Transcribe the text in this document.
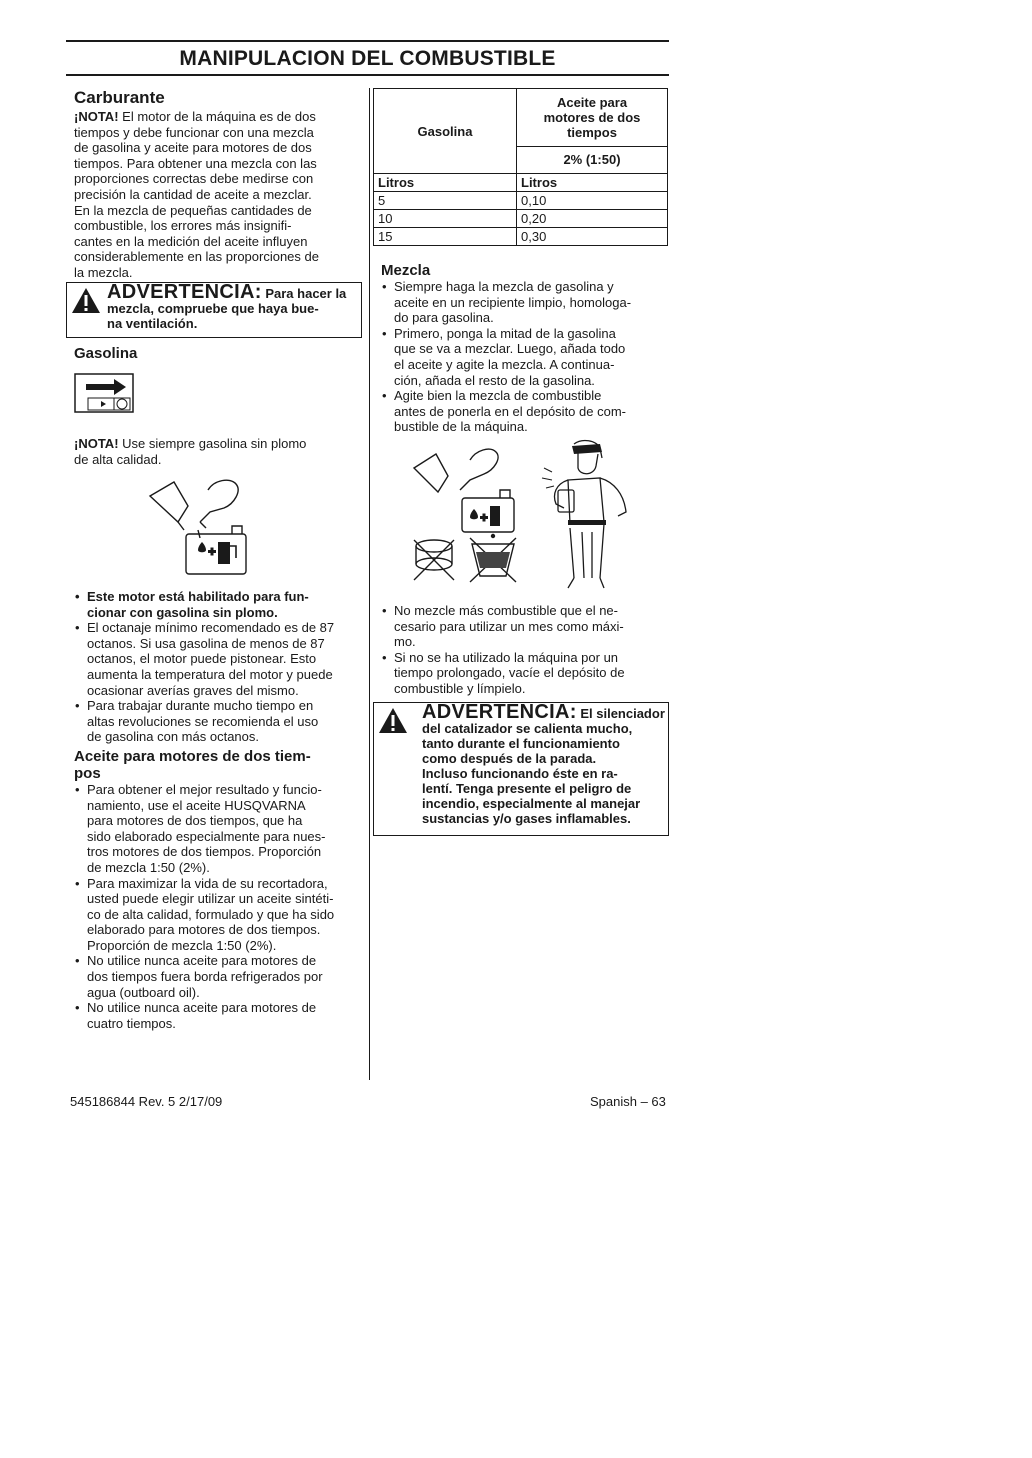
MANIPULACION DEL COMBUSTIBLE
Carburante

¡NOTA! El motor de la máquina es de dos
tiempos y debe funcionar con una mezcla
de gasolina y aceite para motores de dos
tiempos. Para obtener una mezcla con las
proporciones correctas debe medirse con
precisión la cantidad de aceite a mezclar.
En la mezcla de pequeñas cantidades de
combustible, los errores más insignifi-
cantes en la medición del aceite influyen
considerablemente en las proporciones de
la mezcla.

ADVERTENCIA: Para hacer la
mezcla, compruebe que haya bue-
na ventilación.
Gasolina

¡NOTA! Use siempre gasolina sin plomo
de alta calidad.

• Este motor está habilitado para fun-
cionar con gasolina sin plomo.
• El octanaje mínimo recomendado es de 87
octanos. Si usa gasolina de menos de 87
octanos, el motor puede pistonear. Esto
aumenta la temperatura del motor y puede
ocasionar averías graves del mismo.
• Para trabajar durante mucho tiempo en
altas revoluciones se recomienda el uso
de gasolina con más octanos.
Aceite para motores de dos tiem-
pos
• Para obtener el mejor resultado y funcio-
namiento, use el aceite HUSQVARNA
para motores de dos tiempos, que ha
sido elaborado especialmente para nues-
tros motores de dos tiempos. Proporción
de mezcla 1:50 (2%).
• Para maximizar la vida de su recortadora,
usted puede elegir utilizar un aceite sintéti-
co de alta calidad, formulado y que ha sido
elaborado para motores de dos tiempos.
Proporción de mezcla 1:50 (2%).
• No utilice nunca aceite para motores de
dos tiempos fuera borda refrigerados por
agua (outboard oil).
• No utilice nunca aceite para motores de
cuatro tiempos.
Gasolina	Aceite para
motores de dos
tiempos
	2% (1:50)
Litros	Litros
5	0,10
10	0,20
15	0,30
Mezcla
• Siempre haga la mezcla de gasolina y
aceite en un recipiente limpio, homologa-
do para gasolina.
• Primero, ponga la mitad de la gasolina
que se va a mezclar. Luego, añada todo
el aceite y agite la mezcla. A continua-
ción, añada el resto de la gasolina.
• Agite bien la mezcla de combustible
antes de ponerla en el depósito de com-
bustible de la máquina.
• No mezcle más combustible que el ne-
cesario para utilizar un mes como máxi-
mo.
• Si no se ha utilizado la máquina por un
tiempo prolongado, vacíe el depósito de
combustible y límpielo.
ADVERTENCIA: El silenciador
del catalizador se calienta mucho,
tanto durante el funcionamiento
como después de la parada.
Incluso funcionando éste en ra-
lentí. Tenga presente el peligro de
incendio, especialmente al manejar
sustancias y/o gases inflamables.
545186844 Rev. 5 2/17/09	Spanish – 63
